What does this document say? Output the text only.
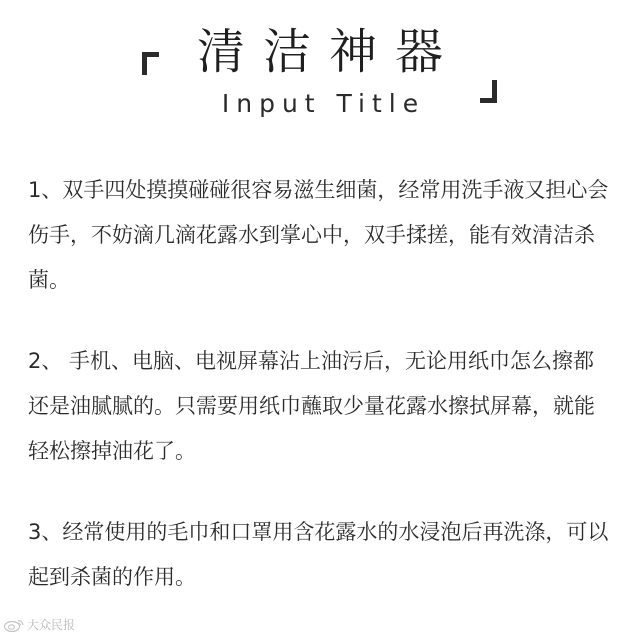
清洁神器
Input Title

1、双手四处摸摸碰碰很容易滋生细菌，经常用洗手液又担心会伤手，不妨滴几滴花露水到掌心中，双手揉搓，能有效清洁杀菌。

2、 手机、电脑、电视屏幕沾上油污后，无论用纸巾怎么擦都还是油腻腻的。只需要用纸巾蘸取少量花露水擦拭屏幕，就能轻松擦掉油花了。

3、经常使用的毛巾和口罩用含花露水的水浸泡后再洗涤，可以起到杀菌的作用。

大众民报
